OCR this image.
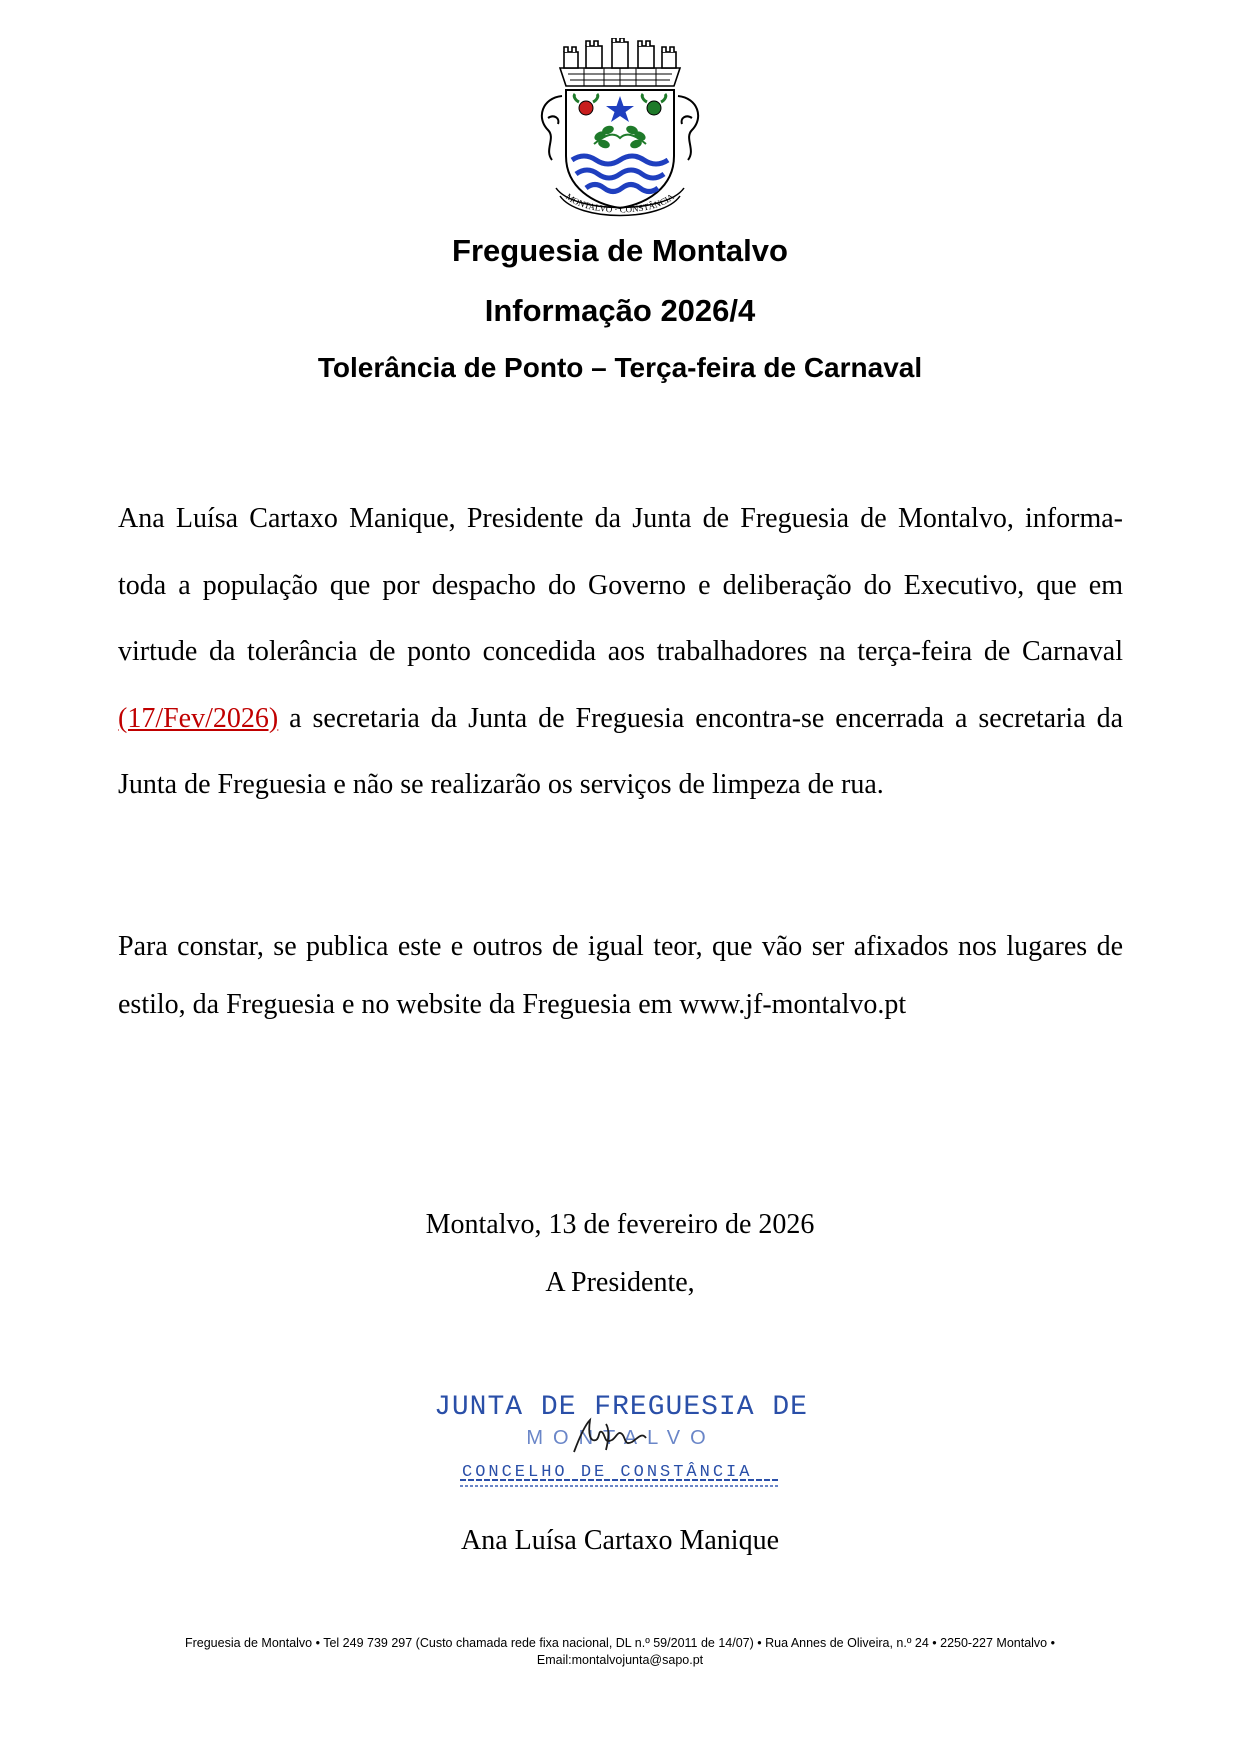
MONTALVO · CONSTÂNCIA
Freguesia de Montalvo
Informação 2026/4
Tolerância de Ponto – Terça-feira de Carnaval

Ana Luísa Cartaxo Manique, Presidente da Junta de Freguesia de Montalvo, informa- toda a população que por despacho do Governo e deliberação do Executivo, que em virtude da tolerância de ponto concedida aos trabalhadores na terça-feira de Carnaval (17/Fev/2026) a secretaria da Junta de Freguesia encontra-se encerrada a secretaria da Junta de Freguesia e não se realizarão os serviços de limpeza de rua.

Para constar, se publica este e outros de igual teor, que vão ser afixados nos lugares de estilo, da Freguesia e no website da Freguesia em www.jf-montalvo.pt

Montalvo, 13 de fevereiro de 2026

A Presidente,

JUNTA DE FREGUESIA DE
MONTALVO
CONCELHO DE CONSTÂNCIA

Ana Luísa Cartaxo Manique

Freguesia de Montalvo • Tel 249 739 297 (Custo chamada rede fixa nacional, DL n.º 59/2011 de 14/07) • Rua Annes de Oliveira, n.º 24 • 2250-227 Montalvo •
Email:montalvojunta@sapo.pt
